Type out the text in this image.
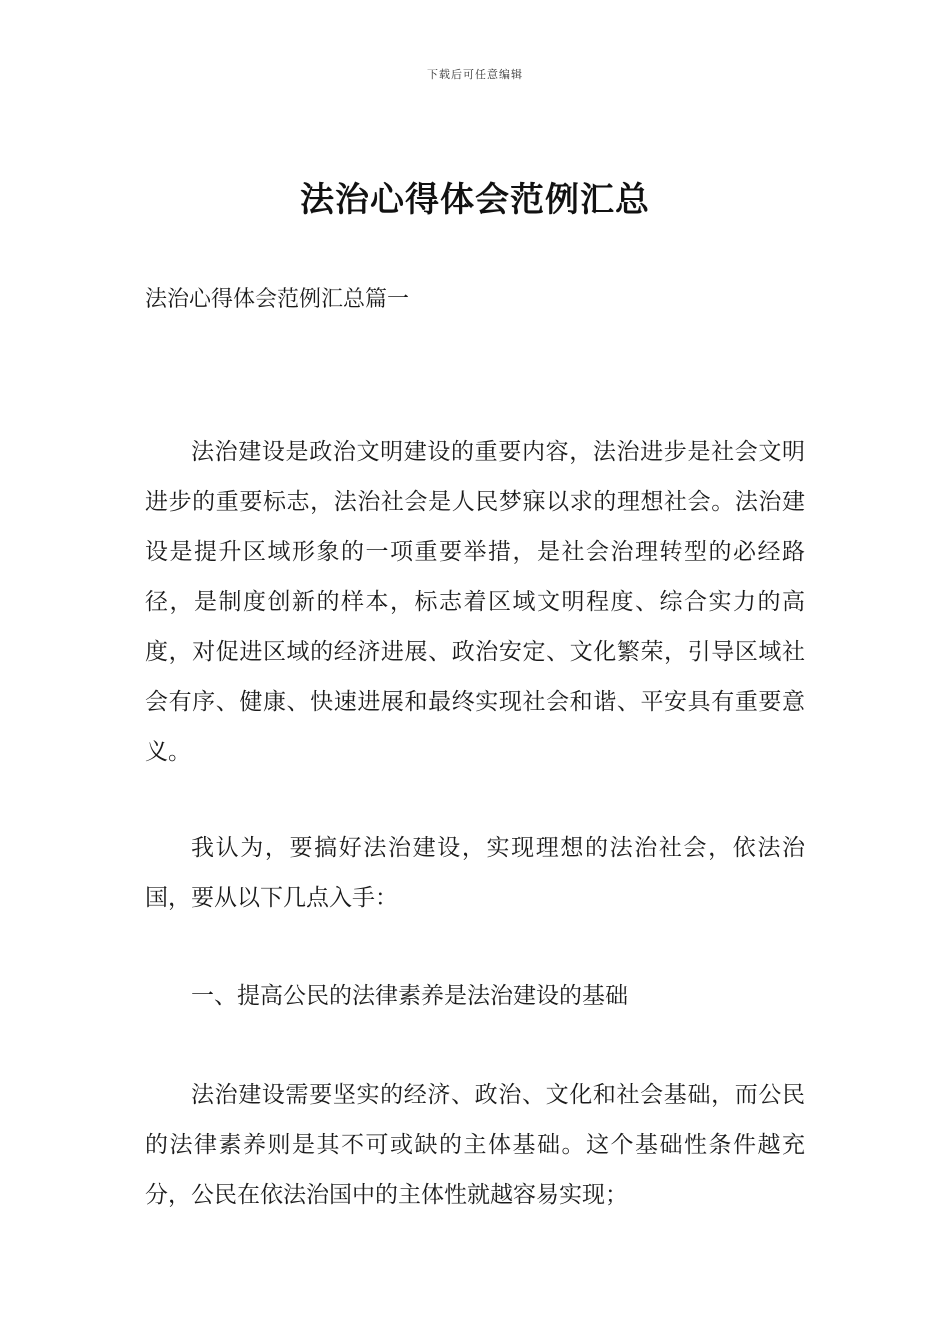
下载后可任意编辑
法治心得体会范例汇总

法治心得体会范例汇总篇一

法治建设是政治文明建设的重要内容，法治进步是社会文明进步的重要标志，法治社会是人民梦寐以求的理想社会。法治建设是提升区域形象的一项重要举措，是社会治理转型的必经路径，是制度创新的样本，标志着区域文明程度、综合实力的高度，对促进区域的经济进展、政治安定、文化繁荣，引导区域社会有序、健康、快速进展和最终实现社会和谐、平安具有重要意义。

我认为，要搞好法治建设，实现理想的法治社会，依法治国，要从以下几点入手：

一、提高公民的法律素养是法治建设的基础

法治建设需要坚实的经济、政治、文化和社会基础，而公民的法律素养则是其不可或缺的主体基础。这个基础性条件越充分，公民在依法治国中的主体性就越容易实现；
